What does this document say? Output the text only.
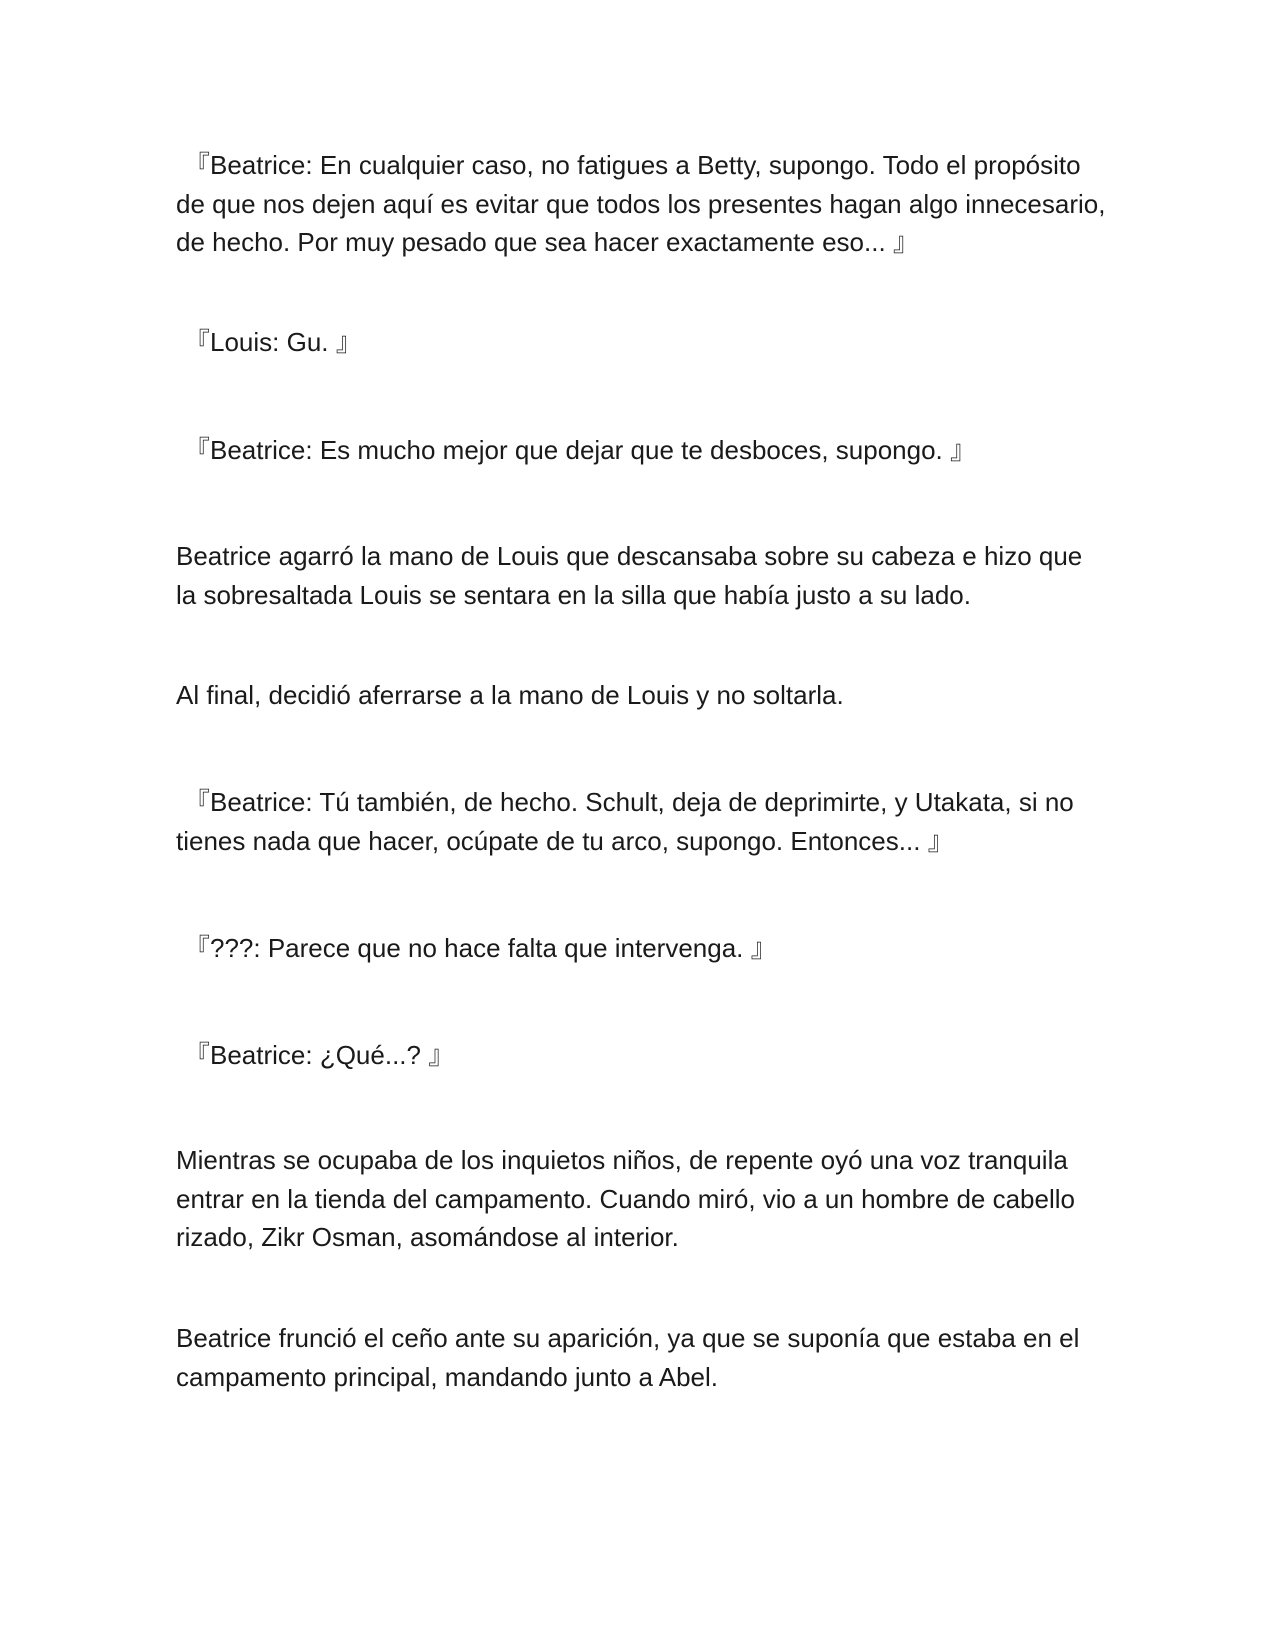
『Beatrice: En cualquier caso, no fatigues a Betty, supongo. Todo el propósito de que nos dejen aquí es evitar que todos los presentes hagan algo innecesario, de hecho. Por muy pesado que sea hacer exactamente eso... 』

『Louis: Gu. 』

『Beatrice: Es mucho mejor que dejar que te desboces, supongo. 』

Beatrice agarró la mano de Louis que descansaba sobre su cabeza e hizo que la sobresaltada Louis se sentara en la silla que había justo a su lado.

Al final, decidió aferrarse a la mano de Louis y no soltarla.

『Beatrice: Tú también, de hecho. Schult, deja de deprimirte, y Utakata, si no tienes nada que hacer, ocúpate de tu arco, supongo. Entonces... 』

『???: Parece que no hace falta que intervenga. 』

『Beatrice: ¿Qué...? 』

Mientras se ocupaba de los inquietos niños, de repente oyó una voz tranquila entrar en la tienda del campamento. Cuando miró, vio a un hombre de cabello rizado, Zikr Osman, asomándose al interior.

Beatrice frunció el ceño ante su aparición, ya que se suponía que estaba en el campamento principal, mandando junto a Abel.
